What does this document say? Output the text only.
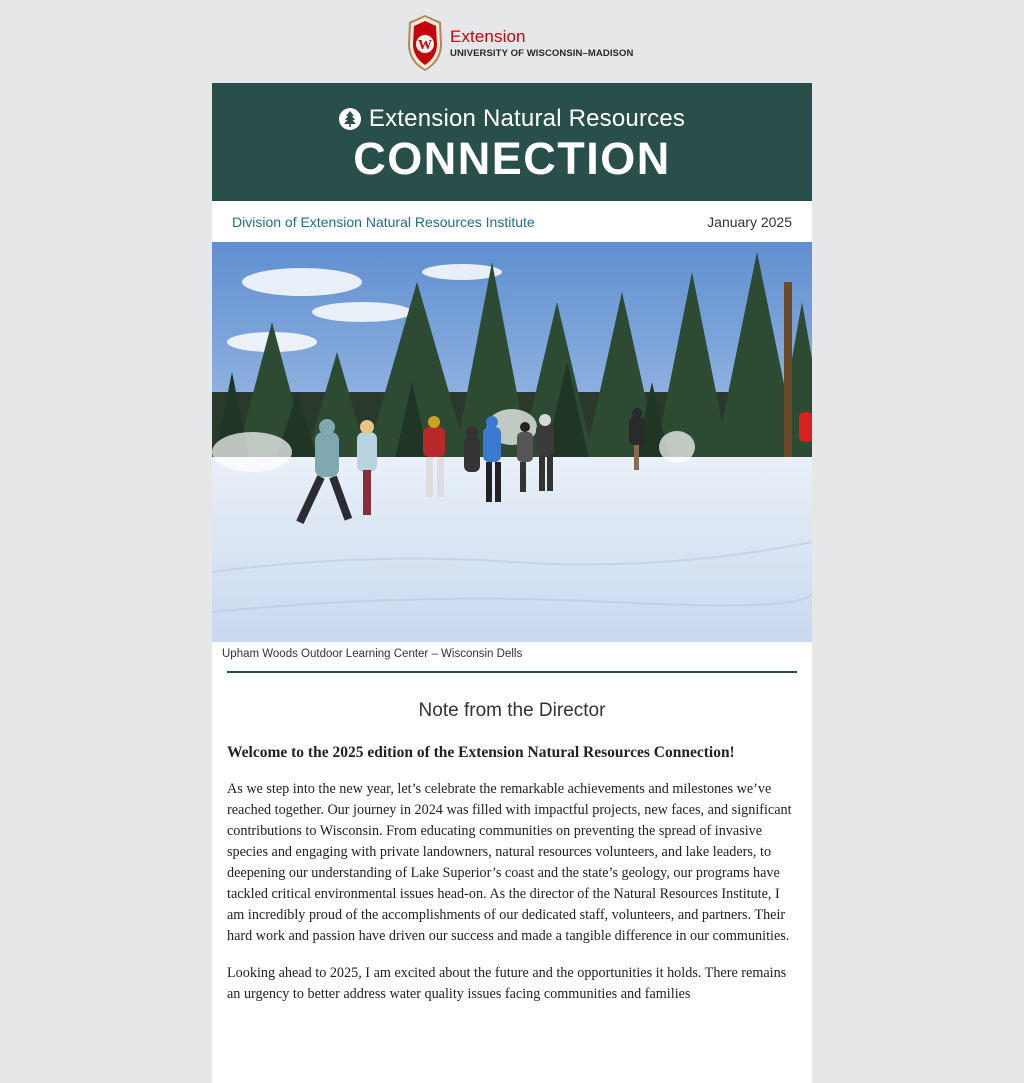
W Extension
UNIVERSITY OF WISCONSIN–MADISON
Extension Natural Resources
CONNECTION
Division of Extension Natural Resources Institute	January 2025
Upham Woods Outdoor Learning Center – Wisconsin Dells
Note from the Director
Welcome to the 2025 edition of the Extension Natural Resources Connection!
As we step into the new year, let’s celebrate the remarkable achievements and milestones we’ve reached together. Our journey in 2024 was filled with impactful projects, new faces, and significant contributions to Wisconsin. From educating communities on preventing the spread of invasive species and engaging with private landowners, natural resources volunteers, and lake leaders, to deepening our understanding of Lake Superior’s coast and the state’s geology, our programs have tackled critical environmental issues head-on. As the director of the Natural Resources Institute, I am incredibly proud of the accomplishments of our dedicated staff, volunteers, and partners. Their hard work and passion have driven our success and made a tangible difference in our communities.
Looking ahead to 2025, I am excited about the future and the opportunities it holds. There remains an urgency to better address water quality issues facing communities and families
